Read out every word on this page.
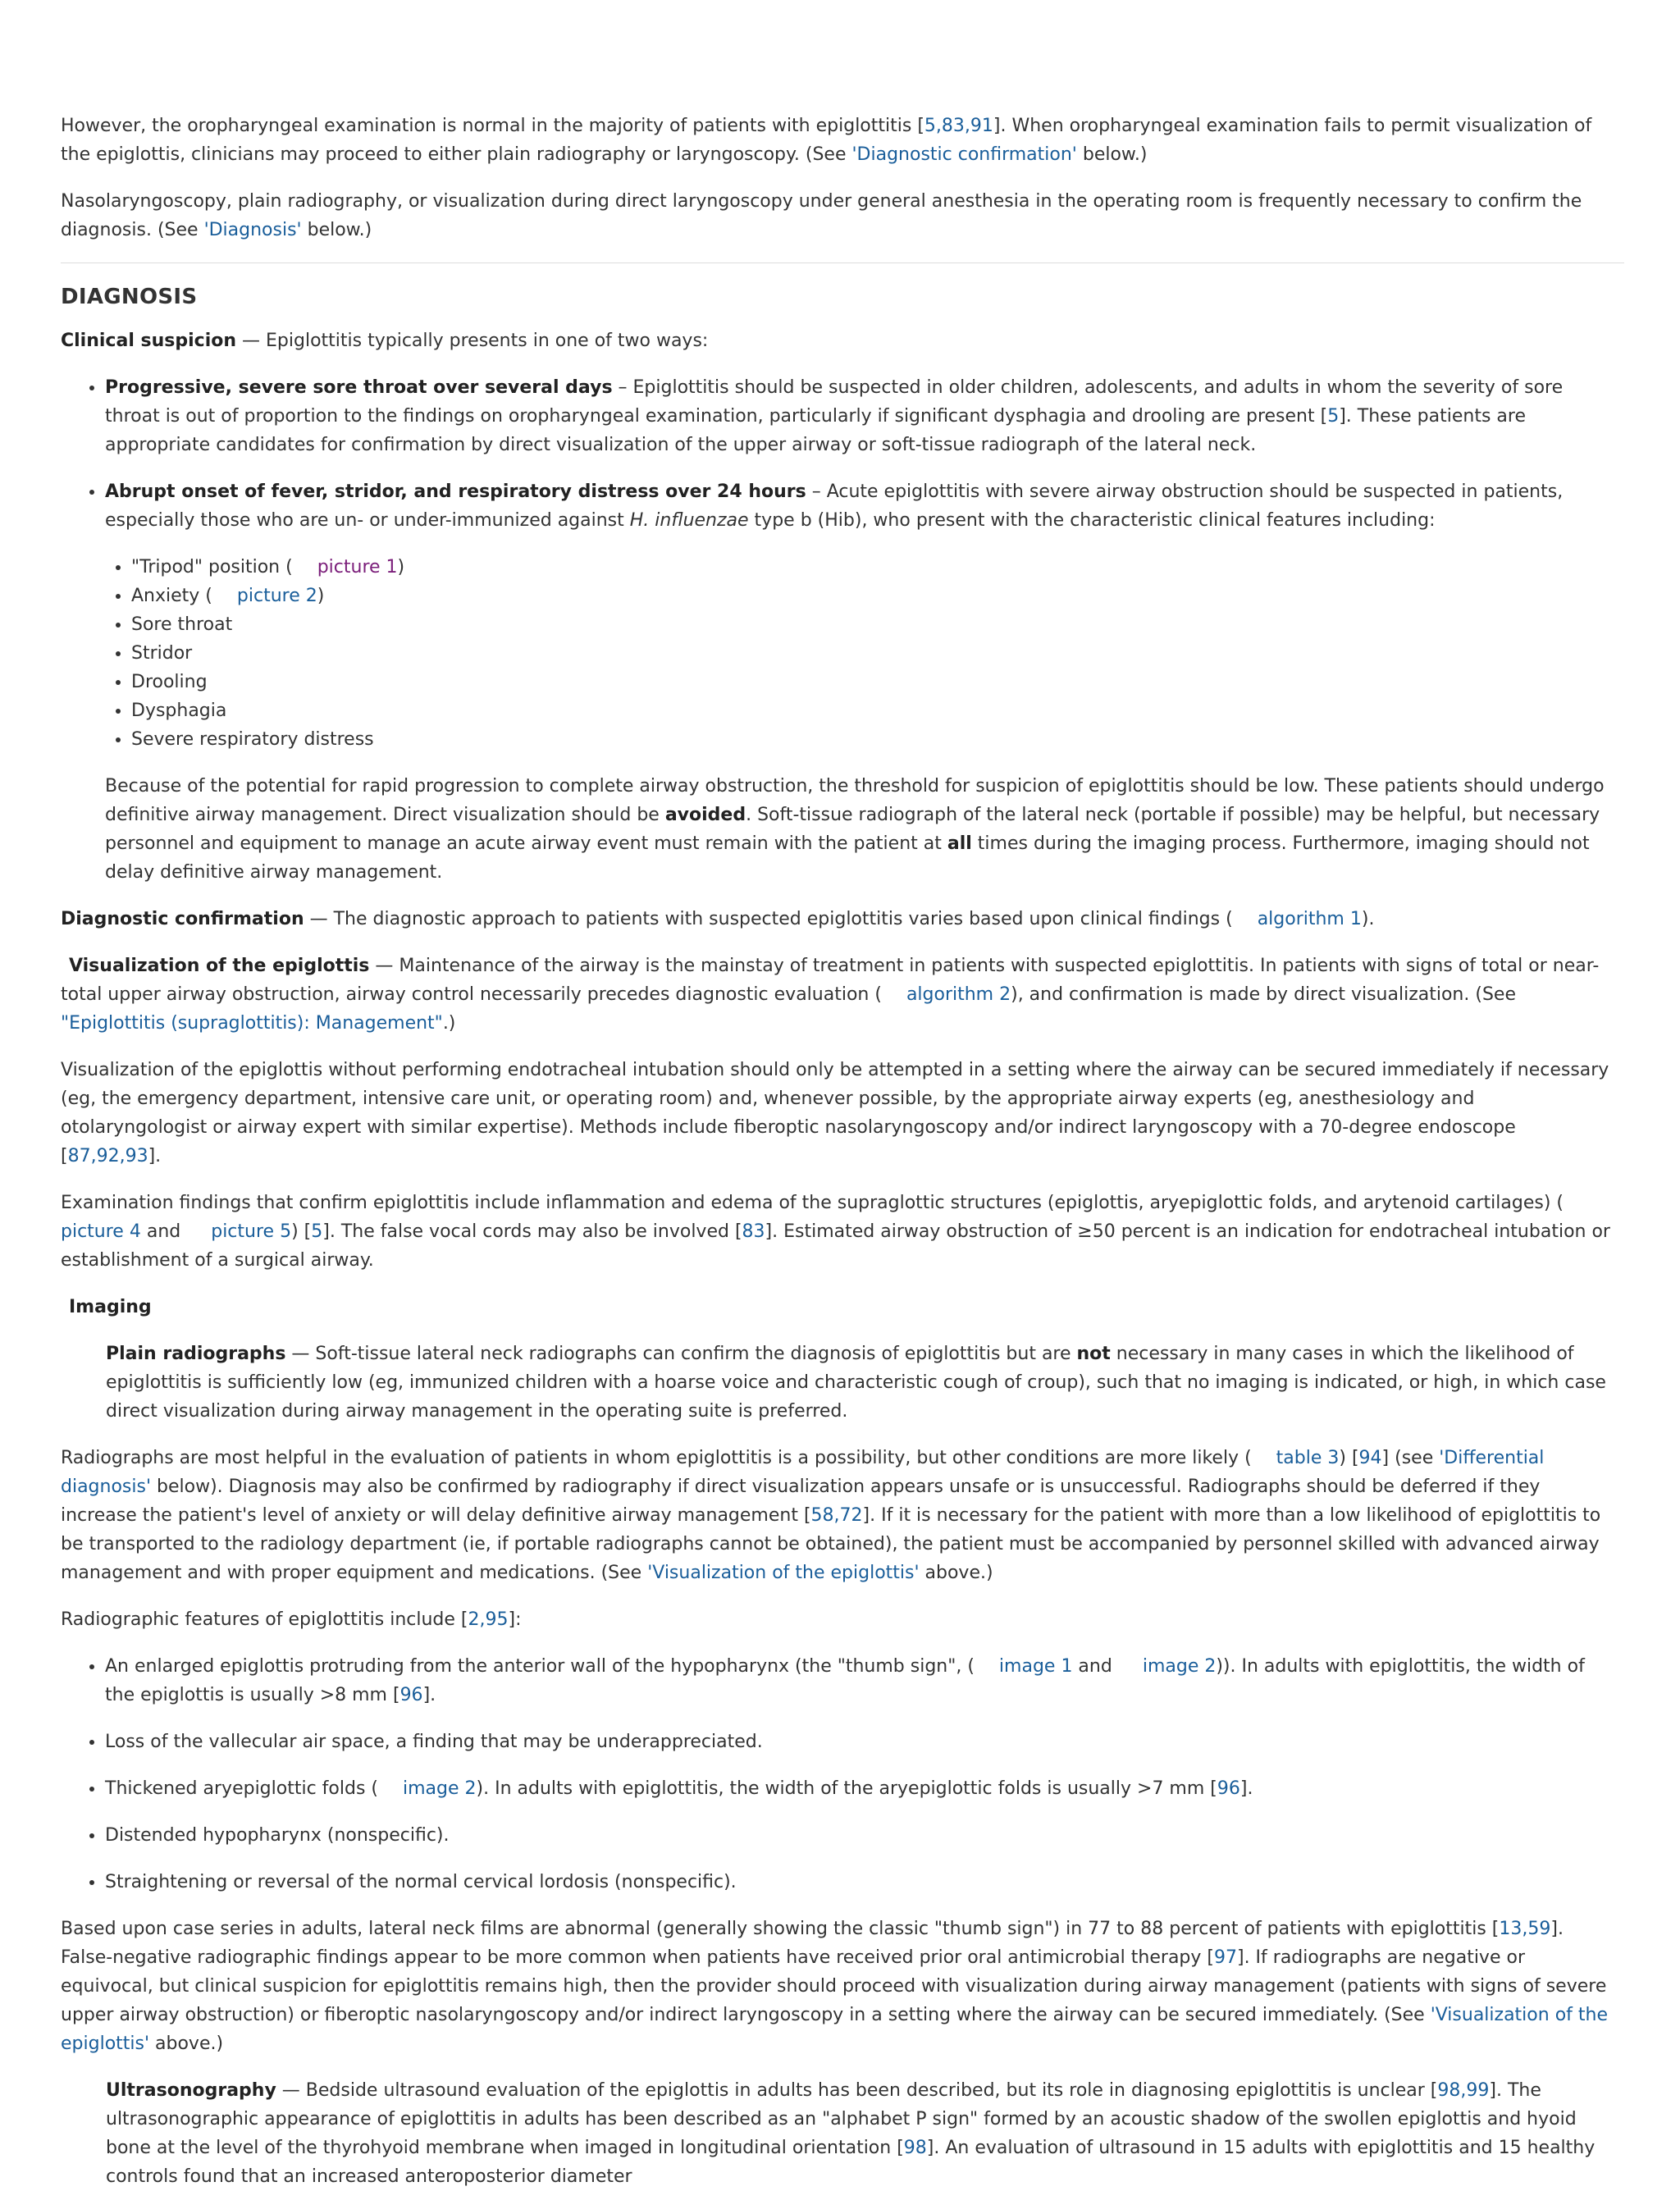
However, the oropharyngeal examination is normal in the majority of patients with epiglottitis [5,83,91]. When oropharyngeal examination fails to permit visualization of the epiglottis, clinicians may proceed to either plain radiography or laryngoscopy. (See 'Diagnostic confirmation' below.)

Nasolaryngoscopy, plain radiography, or visualization during direct laryngoscopy under general anesthesia in the operating room is frequently necessary to confirm the diagnosis. (See 'Diagnosis' below.)

DIAGNOSIS

Clinical suspicion — Epiglottitis typically presents in one of two ways:

• Progressive, severe sore throat over several days – Epiglottitis should be suspected in older children, adolescents, and adults in whom the severity of sore throat is out of proportion to the findings on oropharyngeal examination, particularly if significant dysphagia and drooling are present [5]. These patients are appropriate candidates for confirmation by direct visualization of the upper airway or soft-tissue radiograph of the lateral neck.
• Abrupt onset of fever, stridor, and respiratory distress over 24 hours – Acute epiglottitis with severe airway obstruction should be suspected in patients, especially those who are un- or under-immunized against H. influenzae type b (Hib), who present with the characteristic clinical features including:
• "Tripod" position ( picture 1)
• Anxiety ( picture 2)
• Sore throat
• Stridor
• Drooling
• Dysphagia
• Severe respiratory distress

Because of the potential for rapid progression to complete airway obstruction, the threshold for suspicion of epiglottitis should be low. These patients should undergo definitive airway management. Direct visualization should be avoided. Soft-tissue radiograph of the lateral neck (portable if possible) may be helpful, but necessary personnel and equipment to manage an acute airway event must remain with the patient at all times during the imaging process. Furthermore, imaging should not delay definitive airway management.

Diagnostic confirmation — The diagnostic approach to patients with suspected epiglottitis varies based upon clinical findings ( algorithm 1).

Visualization of the epiglottis — Maintenance of the airway is the mainstay of treatment in patients with suspected epiglottitis. In patients with signs of total or near-total upper airway obstruction, airway control necessarily precedes diagnostic evaluation ( algorithm 2), and confirmation is made by direct visualization. (See "Epiglottitis (supraglottitis): Management".)

Visualization of the epiglottis without performing endotracheal intubation should only be attempted in a setting where the airway can be secured immediately if necessary (eg, the emergency department, intensive care unit, or operating room) and, whenever possible, by the appropriate airway experts (eg, anesthesiology and otolaryngologist or airway expert with similar expertise). Methods include fiberoptic nasolaryngoscopy and/or indirect laryngoscopy with a 70-degree endoscope [87,92,93].

Examination findings that confirm epiglottitis include inflammation and edema of the supraglottic structures (epiglottis, aryepiglottic folds, and arytenoid cartilages) (picture 4 and picture 5) [5]. The false vocal cords may also be involved [83]. Estimated airway obstruction of ≥50 percent is an indication for endotracheal intubation or establishment of a surgical airway.

Imaging

Plain radiographs — Soft-tissue lateral neck radiographs can confirm the diagnosis of epiglottitis but are not necessary in many cases in which the likelihood of epiglottitis is sufficiently low (eg, immunized children with a hoarse voice and characteristic cough of croup), such that no imaging is indicated, or high, in which case direct visualization during airway management in the operating suite is preferred.

Radiographs are most helpful in the evaluation of patients in whom epiglottitis is a possibility, but other conditions are more likely ( table 3) [94] (see 'Differential diagnosis' below). Diagnosis may also be confirmed by radiography if direct visualization appears unsafe or is unsuccessful. Radiographs should be deferred if they increase the patient's level of anxiety or will delay definitive airway management [58,72]. If it is necessary for the patient with more than a low likelihood of epiglottitis to be transported to the radiology department (ie, if portable radiographs cannot be obtained), the patient must be accompanied by personnel skilled with advanced airway management and with proper equipment and medications. (See 'Visualization of the epiglottis' above.)

Radiographic features of epiglottitis include [2,95]:

• An enlarged epiglottis protruding from the anterior wall of the hypopharynx (the "thumb sign", ( image 1 and image 2)). In adults with epiglottitis, the width of the epiglottis is usually >8 mm [96].
• Loss of the vallecular air space, a finding that may be underappreciated.
• Thickened aryepiglottic folds ( image 2). In adults with epiglottitis, the width of the aryepiglottic folds is usually >7 mm [96].
• Distended hypopharynx (nonspecific).
• Straightening or reversal of the normal cervical lordosis (nonspecific).

Based upon case series in adults, lateral neck films are abnormal (generally showing the classic "thumb sign") in 77 to 88 percent of patients with epiglottitis [13,59]. False-negative radiographic findings appear to be more common when patients have received prior oral antimicrobial therapy [97]. If radiographs are negative or equivocal, but clinical suspicion for epiglottitis remains high, then the provider should proceed with visualization during airway management (patients with signs of severe upper airway obstruction) or fiberoptic nasolaryngoscopy and/or indirect laryngoscopy in a setting where the airway can be secured immediately. (See 'Visualization of the epiglottis' above.)

Ultrasonography — Bedside ultrasound evaluation of the epiglottis in adults has been described, but its role in diagnosing epiglottitis is unclear [98,99]. The ultrasonographic appearance of epiglottitis in adults has been described as an "alphabet P sign" formed by an acoustic shadow of the swollen epiglottis and hyoid bone at the level of the thyrohyoid membrane when imaged in longitudinal orientation [98]. An evaluation of ultrasound in 15 adults with epiglottitis and 15 healthy controls found that an increased anteroposterior diameter
